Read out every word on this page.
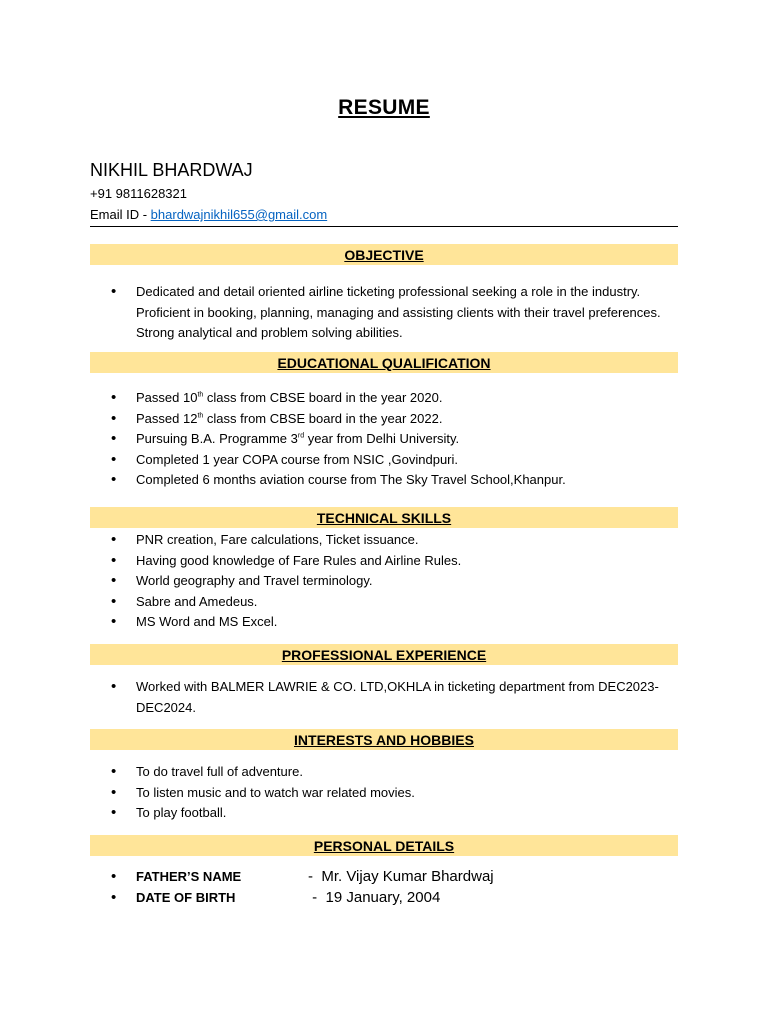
RESUME
NIKHIL BHARDWAJ
+91 9811628321
Email ID - bhardwajnikhil655@gmail.com
OBJECTIVE
• Dedicated and detail oriented airline ticketing professional seeking a role in the industry. Proficient in booking, planning, managing and assisting clients with their travel preferences. Strong analytical and problem solving abilities.
EDUCATIONAL QUALIFICATION
• Passed 10th class from CBSE board in the year 2020.
• Passed 12th class from CBSE board in the year 2022.
• Pursuing B.A. Programme 3rd year from Delhi University.
• Completed 1 year COPA course from NSIC ,Govindpuri.
• Completed 6 months aviation course from The Sky Travel School,Khanpur.
TECHNICAL SKILLS
• PNR creation, Fare calculations, Ticket issuance.
• Having good knowledge of Fare Rules and Airline Rules.
• World geography and Travel terminology.
• Sabre and Amedeus.
• MS Word and MS Excel.
PROFESSIONAL EXPERIENCE
• Worked with BALMER LAWRIE & CO. LTD,OKHLA in ticketing department from DEC2023-DEC2024.
INTERESTS AND HOBBIES
• To do travel full of adventure.
• To listen music and to watch war related movies.
• To play football.
PERSONAL DETAILS
• FATHER’S NAME	-  Mr. Vijay Kumar Bhardwaj
• DATE OF BIRTH	-  19 January, 2004
